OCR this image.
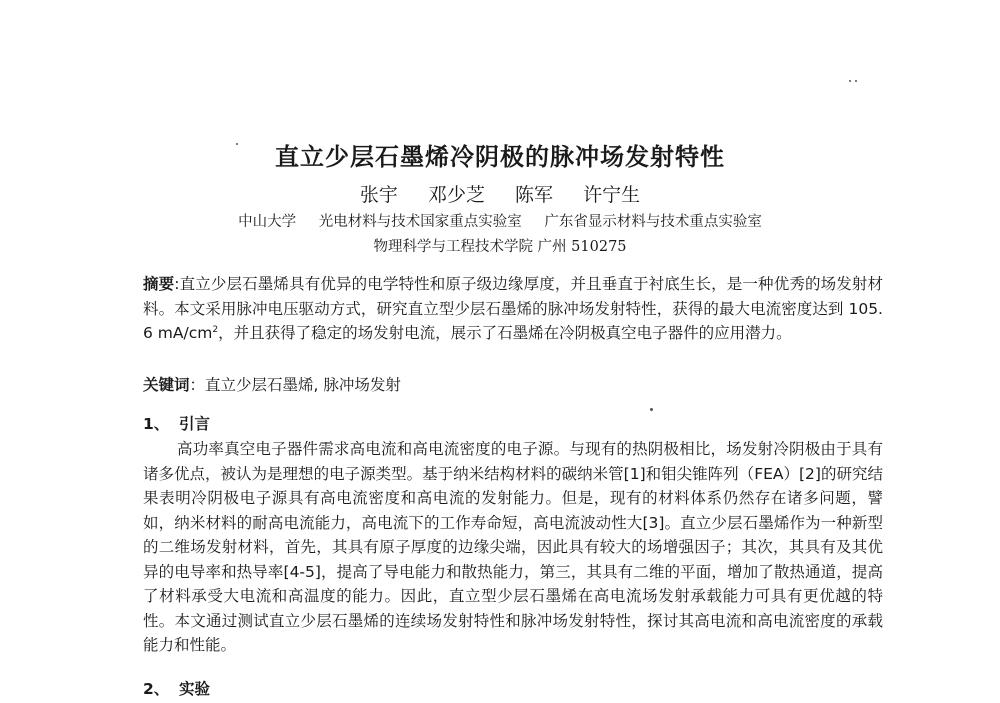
直立少层石墨烯冷阴极的脉冲场发射特性
张宇 邓少芝 陈军 许宁生
中山大学 光电材料与技术国家重点实验室 广东省显示材料与技术重点实验室
物理科学与工程技术学院 广州 510275
摘要:直立少层石墨烯具有优异的电学特性和原子级边缘厚度，并且垂直于衬底生长，是一种优秀的场发射材料。本文采用脉冲电压驱动方式，研究直立型少层石墨烯的脉冲场发射特性，获得的最大电流密度达到 105. 6 $mA/cm^2$，并且获得了稳定的场发射电流，展示了石墨烯在冷阴极真空电子器件的应用潜力。
关键词：直立少层石墨烯, 脉冲场发射
1、 引言
高功率真空电子器件需求高电流和高电流密度的电子源。与现有的热阴极相比，场发射冷阴极由于具有诸多优点，被认为是理想的电子源类型。基于纳米结构材料的碳纳米管[1]和钼尖锥阵列（FEA）[2]的研究结果表明冷阴极电子源具有高电流密度和高电流的发射能力。但是，现有的材料体系仍然存在诸多问题，譬如，纳米材料的耐高电流能力，高电流下的工作寿命短，高电流波动性大[3]。直立少层石墨烯作为一种新型的二维场发射材料，首先，其具有原子厚度的边缘尖端，因此具有较大的场增强因子；其次，其具有及其优异的电导率和热导率[4-5]，提高了导电能力和散热能力，第三，其具有二维的平面，增加了散热通道，提高了材料承受大电流和高温度的能力。因此，直立型少层石墨烯在高电流场发射承载能力可具有更优越的特性。本文通过测试直立少层石墨烯的连续场发射特性和脉冲场发射特性，探讨其高电流和高电流密度的承载能力和性能。
2、 实验
